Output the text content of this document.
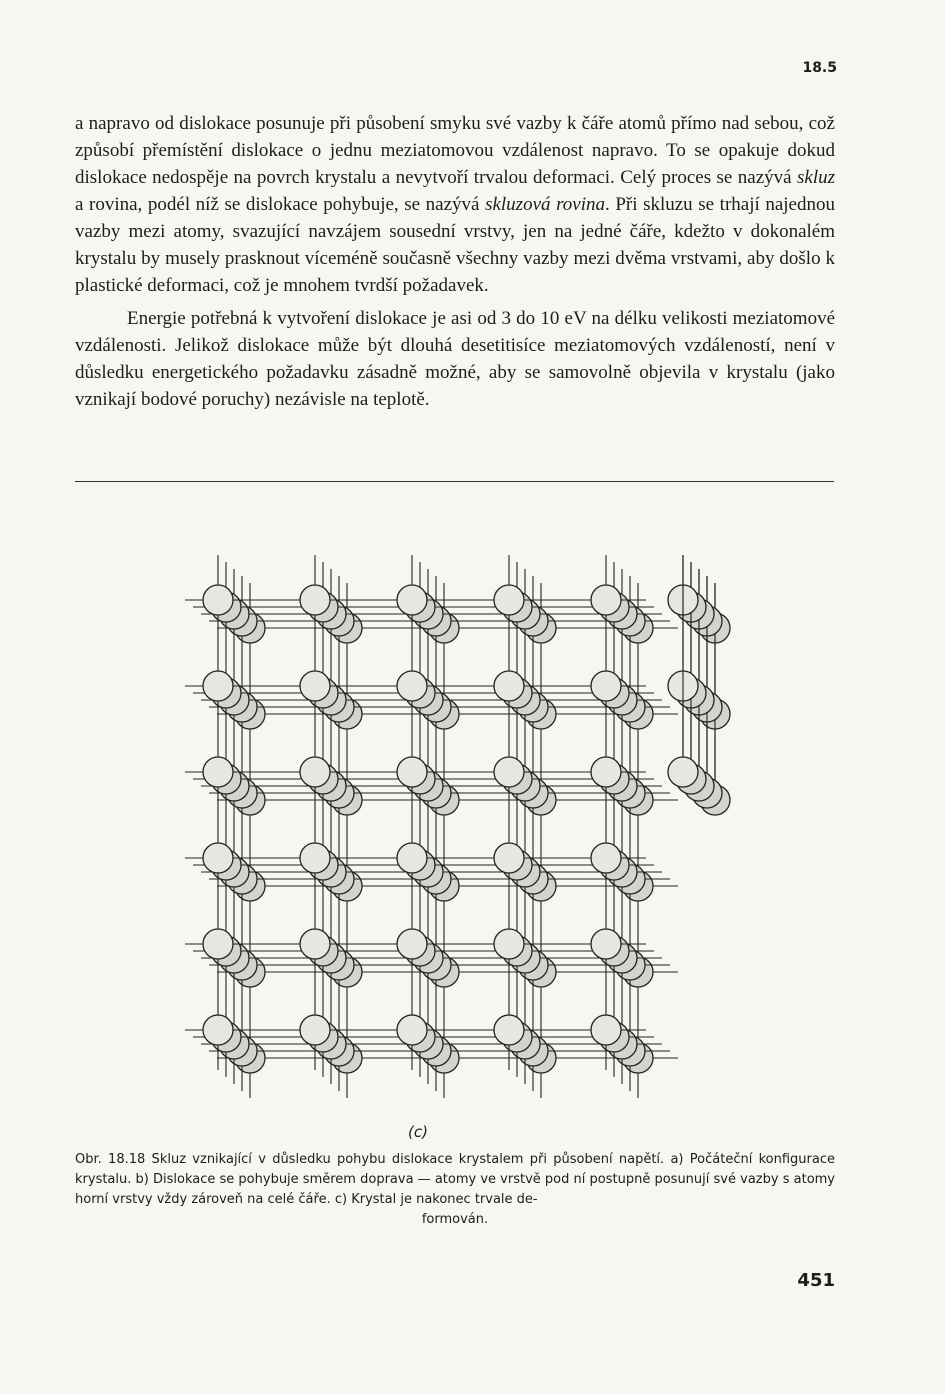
18.5

a napravo od dislokace posunuje při působení smyku své vazby k čáře atomů přímo nad sebou, což způsobí přemístění dislokace o jednu meziatomovou vzdálenost napravo. To se opakuje dokud dislokace nedospěje na povrch krystalu a nevytvoří trvalou deformaci. Celý proces se nazývá skluz a rovina, podél níž se dislokace pohybuje, se nazývá skluzová rovina. Při skluzu se trhají najednou vazby mezi atomy, svazující navzájem sousední vrstvy, jen na jedné čáře, kdežto v dokonalém krystalu by musely prasknout víceméně současně všechny vazby mezi dvěma vrstvami, aby došlo k plastické deformaci, což je mnohem tvrdší požadavek.

Energie potřebná k vytvoření dislokace je asi od 3 do 10 eV na délku velikosti meziatomové vzdálenosti. Jelikož dislokace může být dlouhá desetitisíce meziatomových vzdáleností, není v důsledku energetického požadavku zásadně možné, aby se samovolně objevila v krystalu (jako vznikají bodové poruchy) nezávisle na teplotě.

(c)

Obr. 18.18 Skluz vznikající v důsledku pohybu dislokace krystalem při působení napětí. a) Počáteční konfigurace krystalu. b) Dislokace se pohybuje směrem doprava — atomy ve vrstvě pod ní postupně posunují své vazby s atomy horní vrstvy vždy zároveň na celé čáře. c) Krystal je nakonec trvale de-
formován.

451
